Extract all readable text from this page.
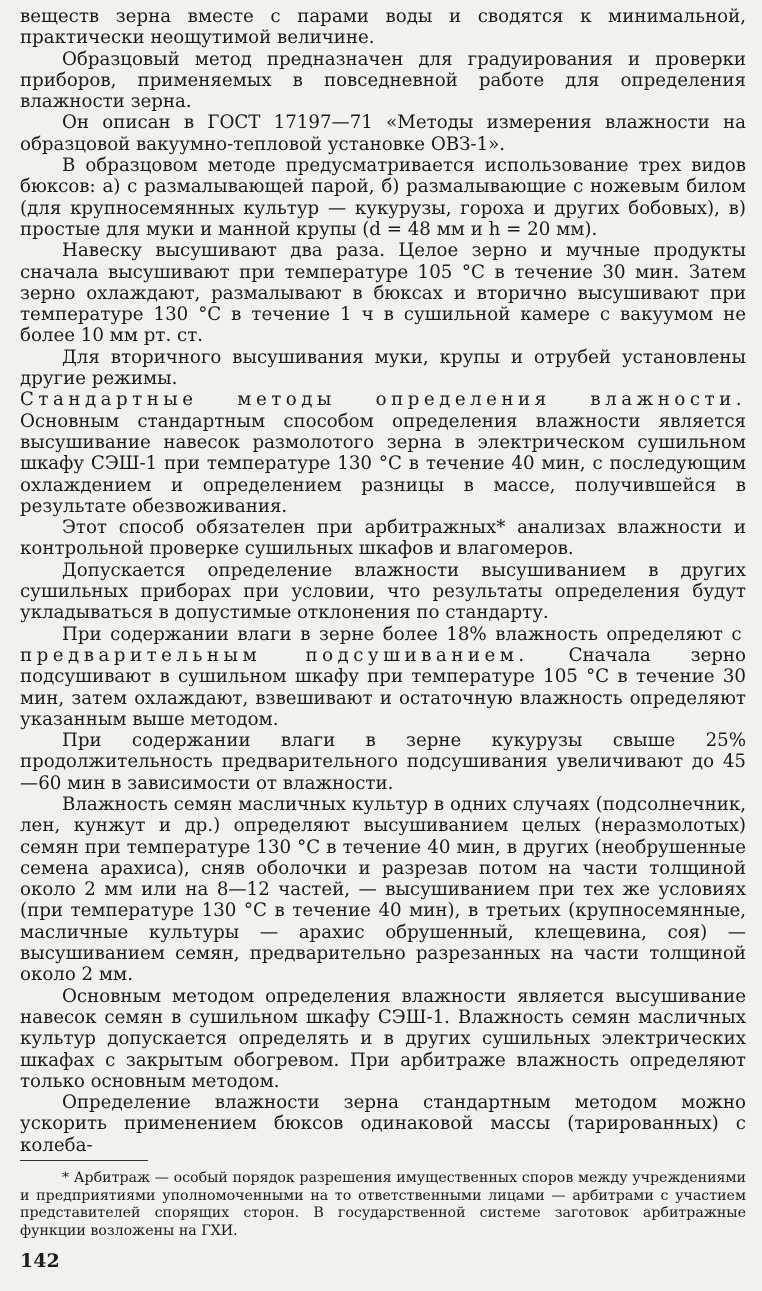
веществ зерна вместе с парами воды и сводятся к минимальной, практически неощутимой величине.

Образцовый метод предназначен для градуирования и проверки приборов, применяемых в повседневной работе для определения влажности зерна.

Он описан в ГОСТ 17197—71 «Методы измерения влажности на образцовой вакуумно-тепловой установке ОВЗ-1».

В образцовом методе предусматривается использование трех видов бюксов: а) с размалывающей парой, б) размалывающие с ножевым билом (для крупносемянных культур — кукурузы, гороха и других бобовых), в) простые для муки и манной крупы (d = 48 мм и h = 20 мм).

Навеску высушивают два раза. Целое зерно и мучные продукты сначала высушивают при температуре 105 °С в течение 30 мин. Затем зерно охлаждают, размалывают в бюксах и вторично высушивают при температуре 130 °С в течение 1 ч в сушильной камере с вакуумом не более 10 мм рт. ст.

Для вторичного высушивания муки, крупы и отрубей установлены другие режимы.

Стандартные методы определения влажности. Основным стандартным способом определения влажности является высушивание навесок размолотого зерна в электрическом сушильном шкафу СЭШ-1 при температуре 130 °С в течение 40 мин, с последующим охлаждением и определением разницы в массе, получившейся в результате обезвоживания.

Этот способ обязателен при арбитражных* анализах влажности и контрольной проверке сушильных шкафов и влагомеров.

Допускается определение влажности высушиванием в других сушильных приборах при условии, что результаты определения будут укладываться в допустимые отклонения по стандарту.

При содержании влаги в зерне более 18% влажность определяют с предварительным подсушиванием. Сначала зерно подсушивают в сушильном шкафу при температуре 105 °С в течение 30 мин, затем охлаждают, взвешивают и остаточную влажность определяют указанным выше методом.

При содержании влаги в зерне кукурузы свыше 25% продолжительность предварительного подсушивания увеличивают до 45—60 мин в зависимости от влажности.

Влажность семян масличных культур в одних случаях (подсолнечник, лен, кунжут и др.) определяют высушиванием целых (неразмолотых) семян при температуре 130 °С в течение 40 мин, в других (необрушенные семена арахиса), сняв оболочки и разрезав потом на части толщиной около 2 мм или на 8—12 частей, — высушиванием при тех же условиях (при температуре 130 °С в течение 40 мин), в третьих (крупносемянные, масличные культуры — арахис обрушенный, клещевина, соя) — высушиванием семян, предварительно разрезанных на части толщиной около 2 мм.

Основным методом определения влажности является высушивание навесок семян в сушильном шкафу СЭШ-1. Влажность семян масличных культур допускается определять и в других сушильных электрических шкафах с закрытым обогревом. При арбитраже влажность определяют только основным методом.

Определение влажности зерна стандартным методом можно ускорить применением бюксов одинаковой массы (тарированных) с колеба-

* Арбитраж — особый порядок разрешения имущественных споров между учреждениями и предприятиями уполномоченными на то ответственными лицами — арбитрами с участием представителей спорящих сторон. В государственной системе заготовок арбитражные функции возложены на ГХИ.

142
